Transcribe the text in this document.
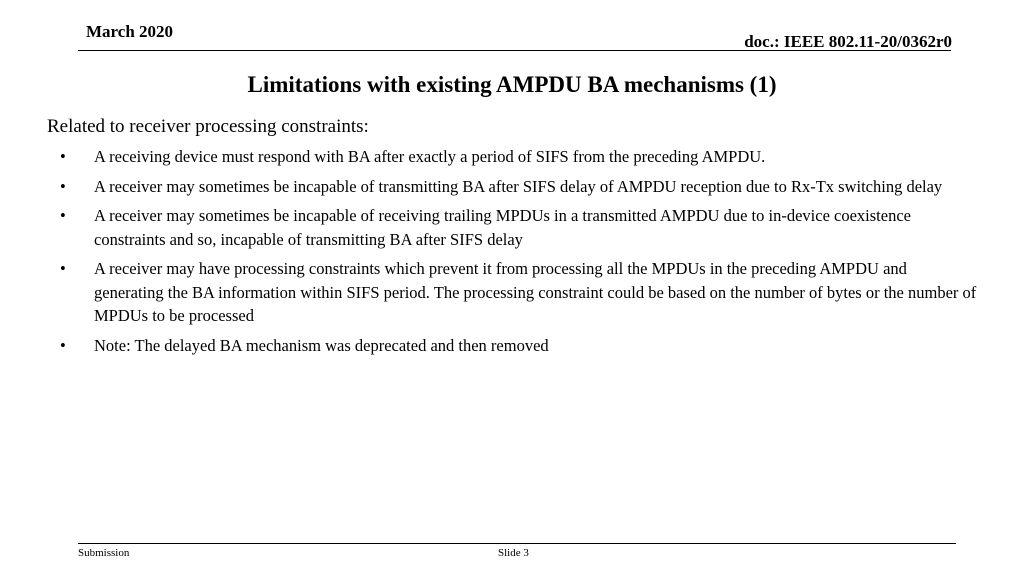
March 2020
doc.: IEEE 802.11-20/0362r0
Limitations with existing AMPDU BA mechanisms (1)
Related to receiver processing constraints:
•	A receiving device must respond with BA after exactly a period of SIFS from the preceding AMPDU.
•	A receiver may sometimes be incapable of transmitting BA after SIFS delay of AMPDU reception due to Rx-Tx switching delay
•	A receiver may sometimes be incapable of receiving trailing MPDUs in a transmitted AMPDU due to in-device coexistence constraints and so, incapable of transmitting BA after SIFS delay
•	A receiver may have processing constraints which prevent it from processing all the MPDUs in the preceding AMPDU and generating the BA information within SIFS period. The processing constraint could be based on the number of bytes or the number of MPDUs to be processed
•	Note: The delayed BA mechanism was deprecated and then removed
Submission	Slide 3
